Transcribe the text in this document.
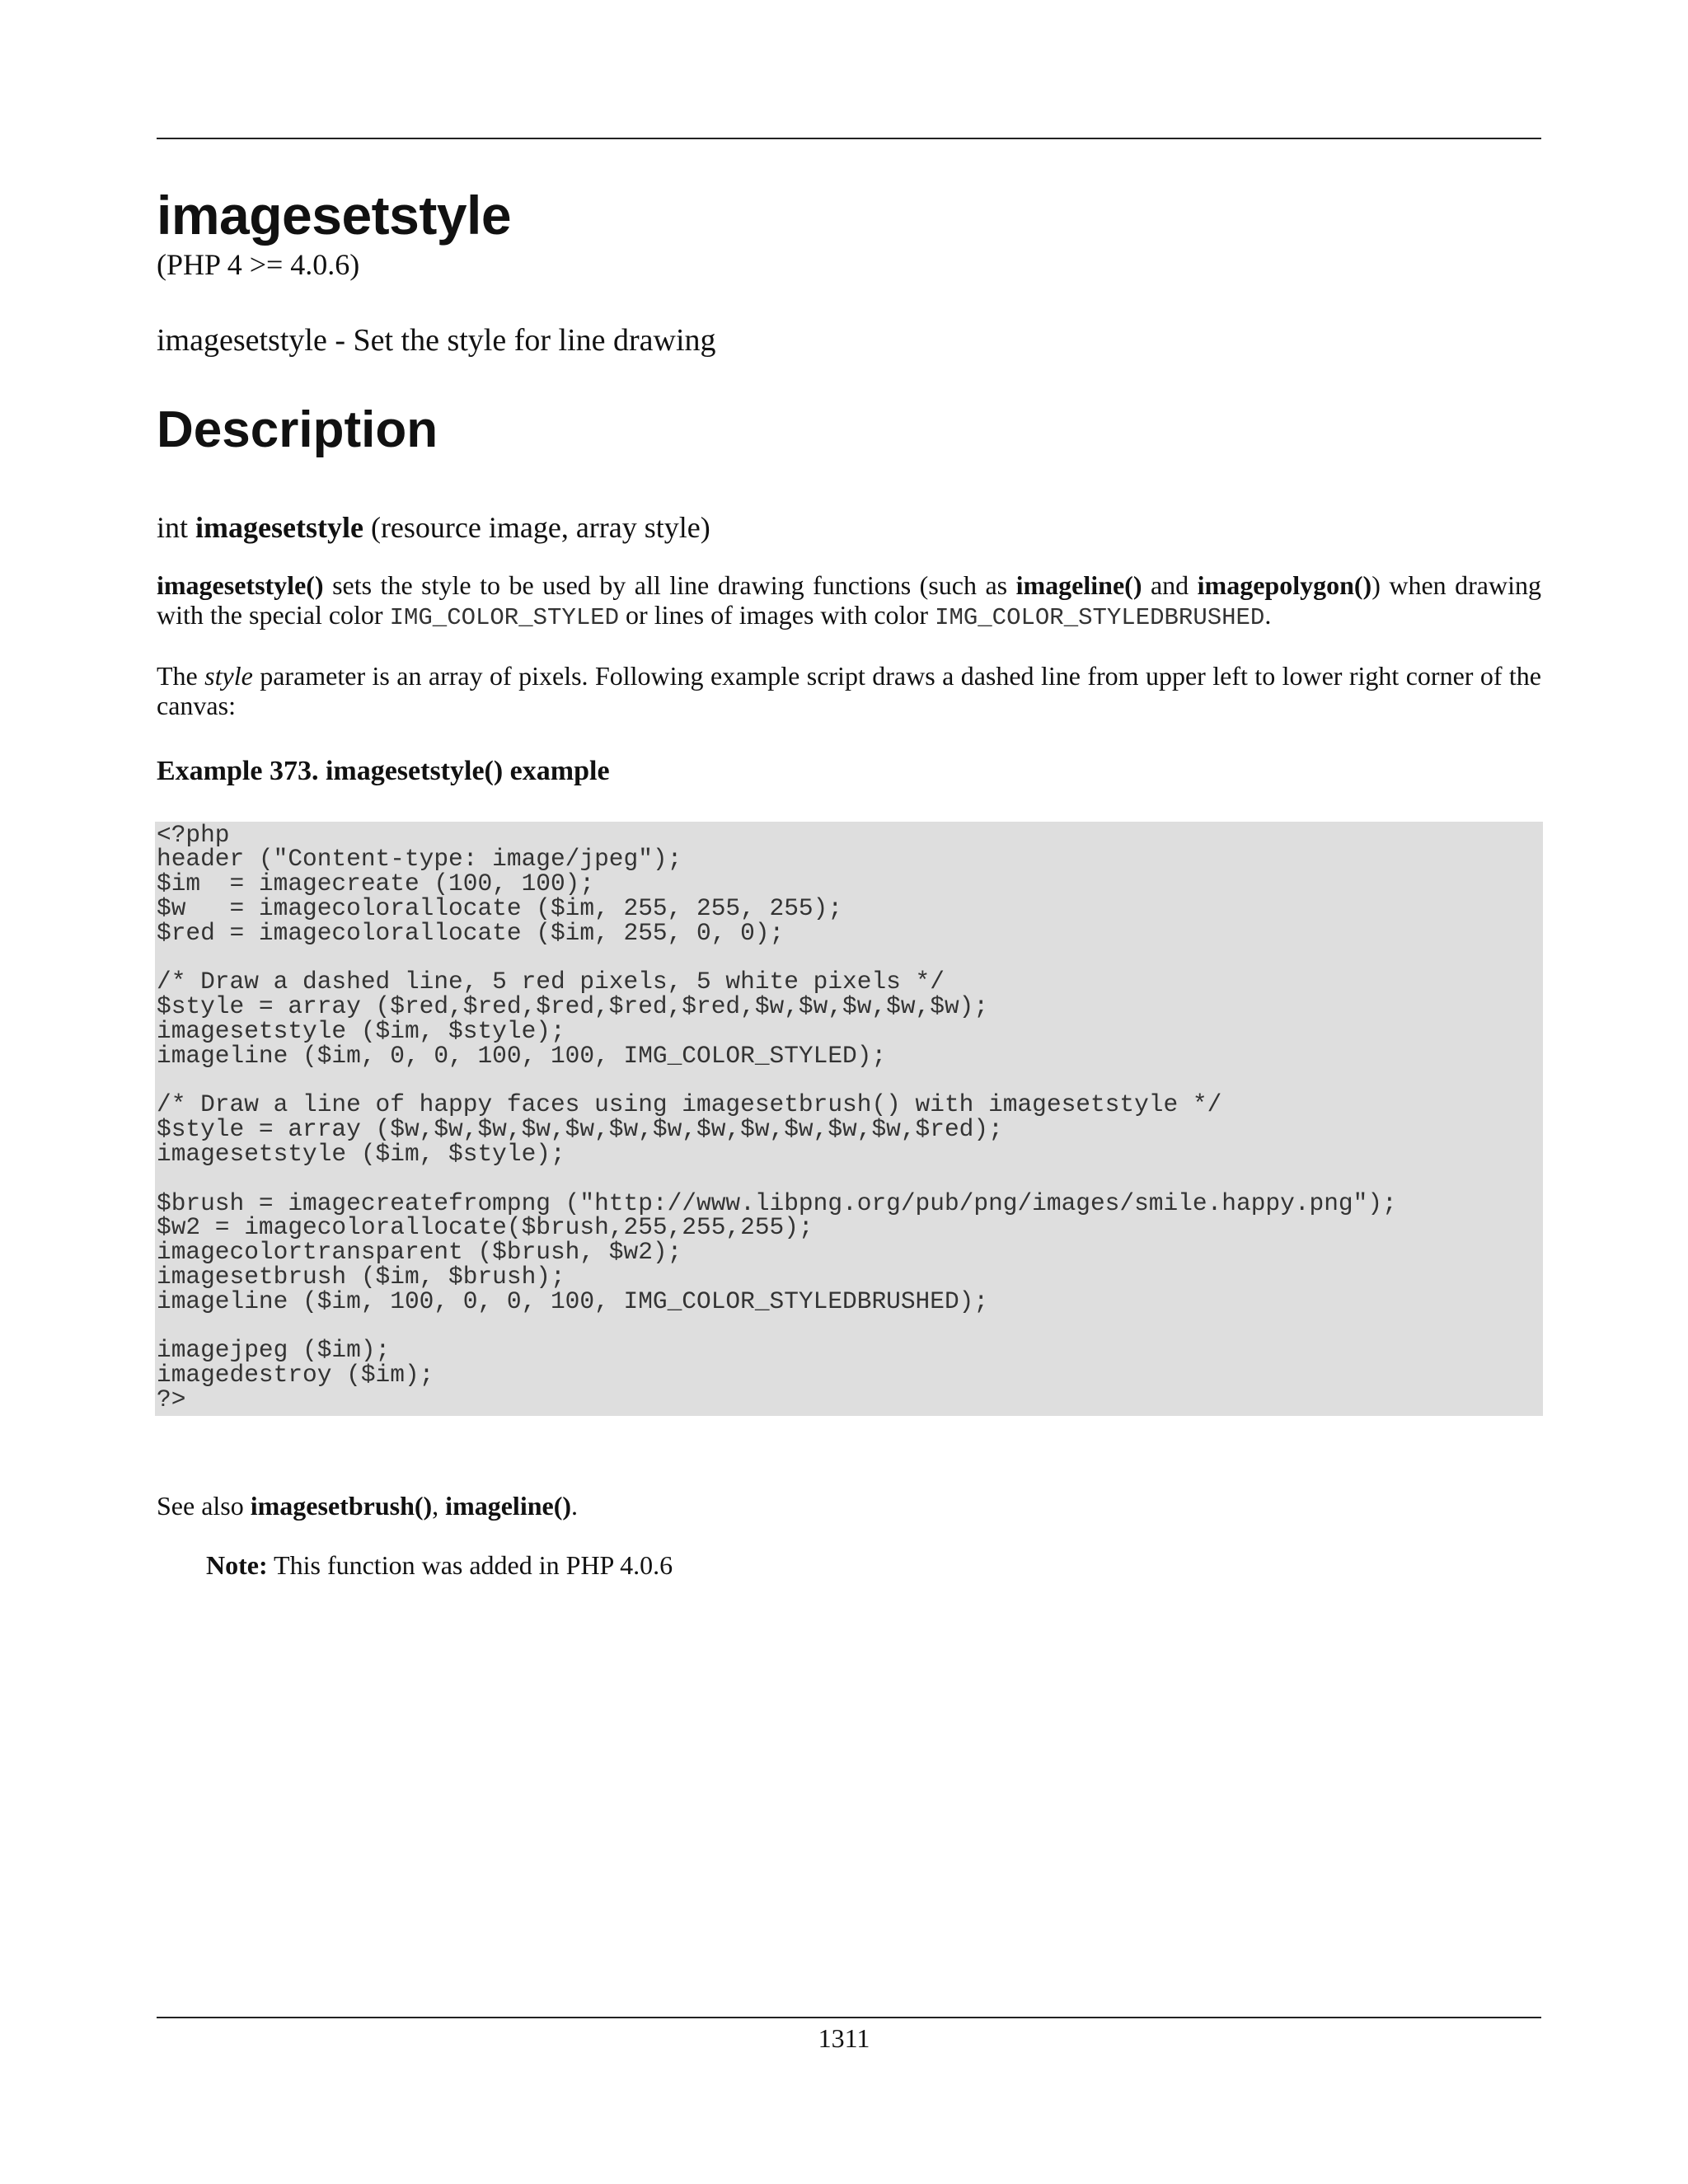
imagesetstyle
(PHP 4 >= 4.0.6)
imagesetstyle - Set the style for line drawing
Description
int imagesetstyle (resource image, array style)

imagesetstyle() sets the style to be used by all line drawing functions (such as imageline() and imagepolygon()) when drawing with the special color IMG_COLOR_STYLED or lines of images with color IMG_COLOR_STYLEDBRUSHED.

The style parameter is an array of pixels. Following example script draws a dashed line from upper left to lower right corner of the canvas:

Example 373. imagesetstyle() example
<?php
header ("Content-type: image/jpeg");
$im  = imagecreate (100, 100);
$w   = imagecolorallocate ($im, 255, 255, 255);
$red = imagecolorallocate ($im, 255, 0, 0);

/* Draw a dashed line, 5 red pixels, 5 white pixels */
$style = array ($red,$red,$red,$red,$red,$w,$w,$w,$w,$w);
imagesetstyle ($im, $style);
imageline ($im, 0, 0, 100, 100, IMG_COLOR_STYLED);

/* Draw a line of happy faces using imagesetbrush() with imagesetstyle */
$style = array ($w,$w,$w,$w,$w,$w,$w,$w,$w,$w,$w,$w,$red);
imagesetstyle ($im, $style);

$brush = imagecreatefrompng ("http://www.libpng.org/pub/png/images/smile.happy.png");
$w2 = imagecolorallocate($brush,255,255,255);
imagecolortransparent ($brush, $w2);
imagesetbrush ($im, $brush);
imageline ($im, 100, 0, 0, 100, IMG_COLOR_STYLEDBRUSHED);

imagejpeg ($im);
imagedestroy ($im);
?>

See also imagesetbrush(), imageline().

Note: This function was added in PHP 4.0.6

1311
